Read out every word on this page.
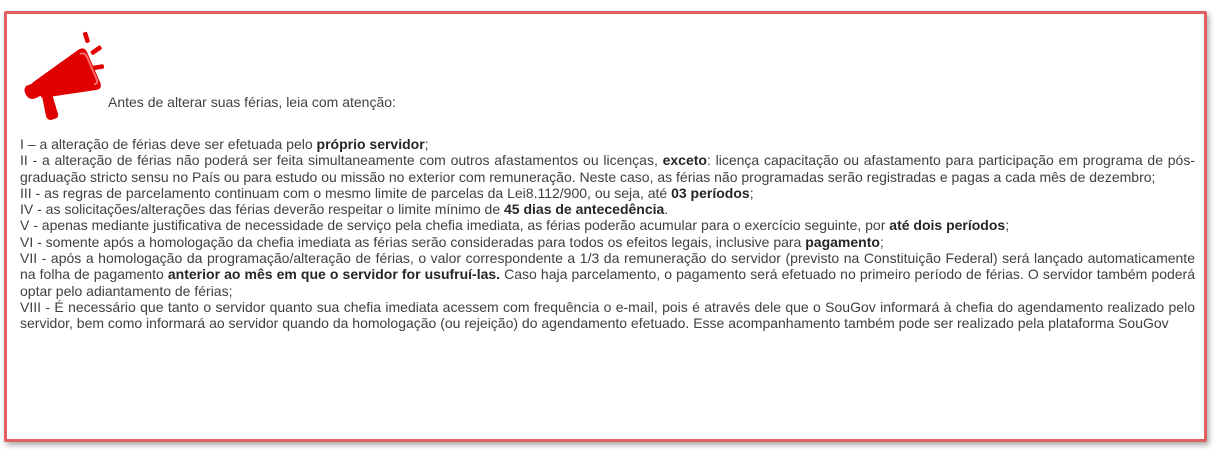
Antes de alterar suas férias, leia com atenção:

I – a alteração de férias deve ser efetuada pelo próprio servidor;

II - a alteração de férias não poderá ser feita simultaneamente com outros afastamentos ou licenças, exceto: licença capacitação ou afastamento para participação em programa de pós-graduação stricto sensu no País ou para estudo ou missão no exterior com remuneração. Neste caso, as férias não programadas serão registradas e pagas a cada mês de dezembro;

III - as regras de parcelamento continuam com o mesmo limite de parcelas da Lei8.112/900, ou seja, até 03 períodos;

IV - as solicitações/alterações das férias deverão respeitar o limite mínimo de 45 dias de antecedência.

V - apenas mediante justificativa de necessidade de serviço pela chefia imediata, as férias poderão acumular para o exercício seguinte, por até dois períodos;

VI - somente após a homologação da chefia imediata as férias serão consideradas para todos os efeitos legais, inclusive para pagamento;

VII - após a homologação da programação/alteração de férias, o valor correspondente a 1/3 da remuneração do servidor (previsto na Constituição Federal) será lançado automaticamente na folha de pagamento anterior ao mês em que o servidor for usufruí-las. Caso haja parcelamento, o pagamento será efetuado no primeiro período de férias. O servidor também poderá optar pelo adiantamento de férias;

VIII - É necessário que tanto o servidor quanto sua chefia imediata acessem com frequência o e-mail, pois é através dele que o SouGov informará à chefia do agendamento realizado pelo servidor, bem como informará ao servidor quando da homologação (ou rejeição) do agendamento efetuado. Esse acompanhamento também pode ser realizado pela plataforma SouGov
